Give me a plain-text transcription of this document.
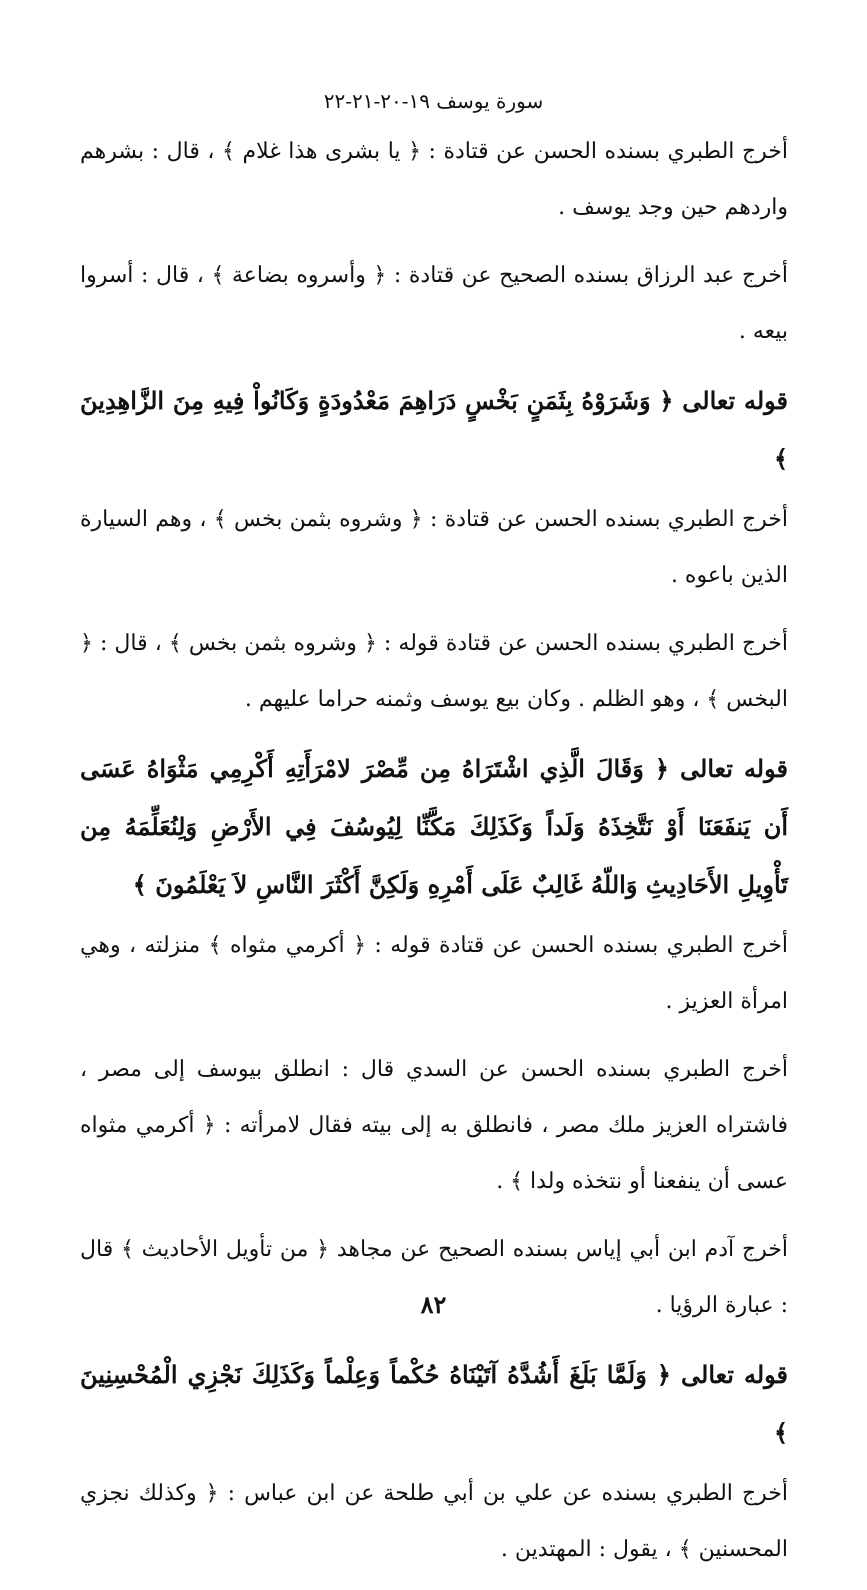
سورة يوسف ١٩-٢٠-٢١-٢٢

أخرج الطبري بسنده الحسن عن قتادة : ﴿ يا بشرى هذا غلام ﴾ ، قال : بشرهم واردهم حين وجد يوسف .

أخرج عبد الرزاق بسنده الصحيح عن قتادة : ﴿ وأسروه بضاعة ﴾ ، قال : أسروا بيعه .

قوله تعالى ﴿ وَشَرَوْهُ بِثَمَنٍ بَخْسٍ دَرَاهِمَ مَعْدُودَةٍ وَكَانُواْ فِيهِ مِنَ الزَّاهِدِينَ ﴾

أخرج الطبري بسنده الحسن عن قتادة : ﴿ وشروه بثمن بخس ﴾ ، وهم السيارة الذين باعوه .

أخرج الطبري بسنده الحسن عن قتادة قوله : ﴿ وشروه بثمن بخس ﴾ ، قال : ﴿ البخس ﴾ ، وهو الظلم . وكان بيع يوسف وثمنه حراما عليهم .

قوله تعالى ﴿ وَقَالَ الَّذِي اشْتَرَاهُ مِن مِّصْرَ لامْرَأَتِهِ أَكْرِمِي مَثْوَاهُ عَسَى أَن يَنفَعَنَا أَوْ نَتَّخِذَهُ وَلَداً وَكَذَلِكَ مَكَّنِّا لِيُوسُفَ فِي الأَرْضِ وَلِنُعَلِّمَهُ مِن تَأْوِيلِ الأَحَادِيثِ وَاللّهُ غَالِبٌ عَلَى أَمْرِهِ وَلَكِنَّ أَكْثَرَ النَّاسِ لاَ يَعْلَمُونَ ﴾

أخرج الطبري بسنده الحسن عن قتادة قوله : ﴿ أكرمي مثواه ﴾ منزلته ، وهي امرأة العزيز .

أخرج الطبري بسنده الحسن عن السدي قال : انطلق بيوسف إلى مصر ، فاشتراه العزيز ملك مصر ، فانطلق به إلى بيته فقال لامرأته : ﴿ أكرمي مثواه عسى أن ينفعنا أو نتخذه ولدا ﴾ .

أخرج آدم ابن أبي إياس بسنده الصحيح عن مجاهد ﴿ من تأويل الأحاديث ﴾ قال : عبارة الرؤيا .

قوله تعالى ﴿ وَلَمَّا بَلَغَ أَشُدَّهُ آتَيْنَاهُ حُكْماً وَعِلْماً وَكَذَلِكَ نَجْزِي الْمُحْسِنِينَ ﴾

أخرج الطبري بسنده عن علي بن أبي طلحة عن ابن عباس : ﴿ وكذلك نجزي المحسنين ﴾ ، يقول : المهتدين .

٨٢
